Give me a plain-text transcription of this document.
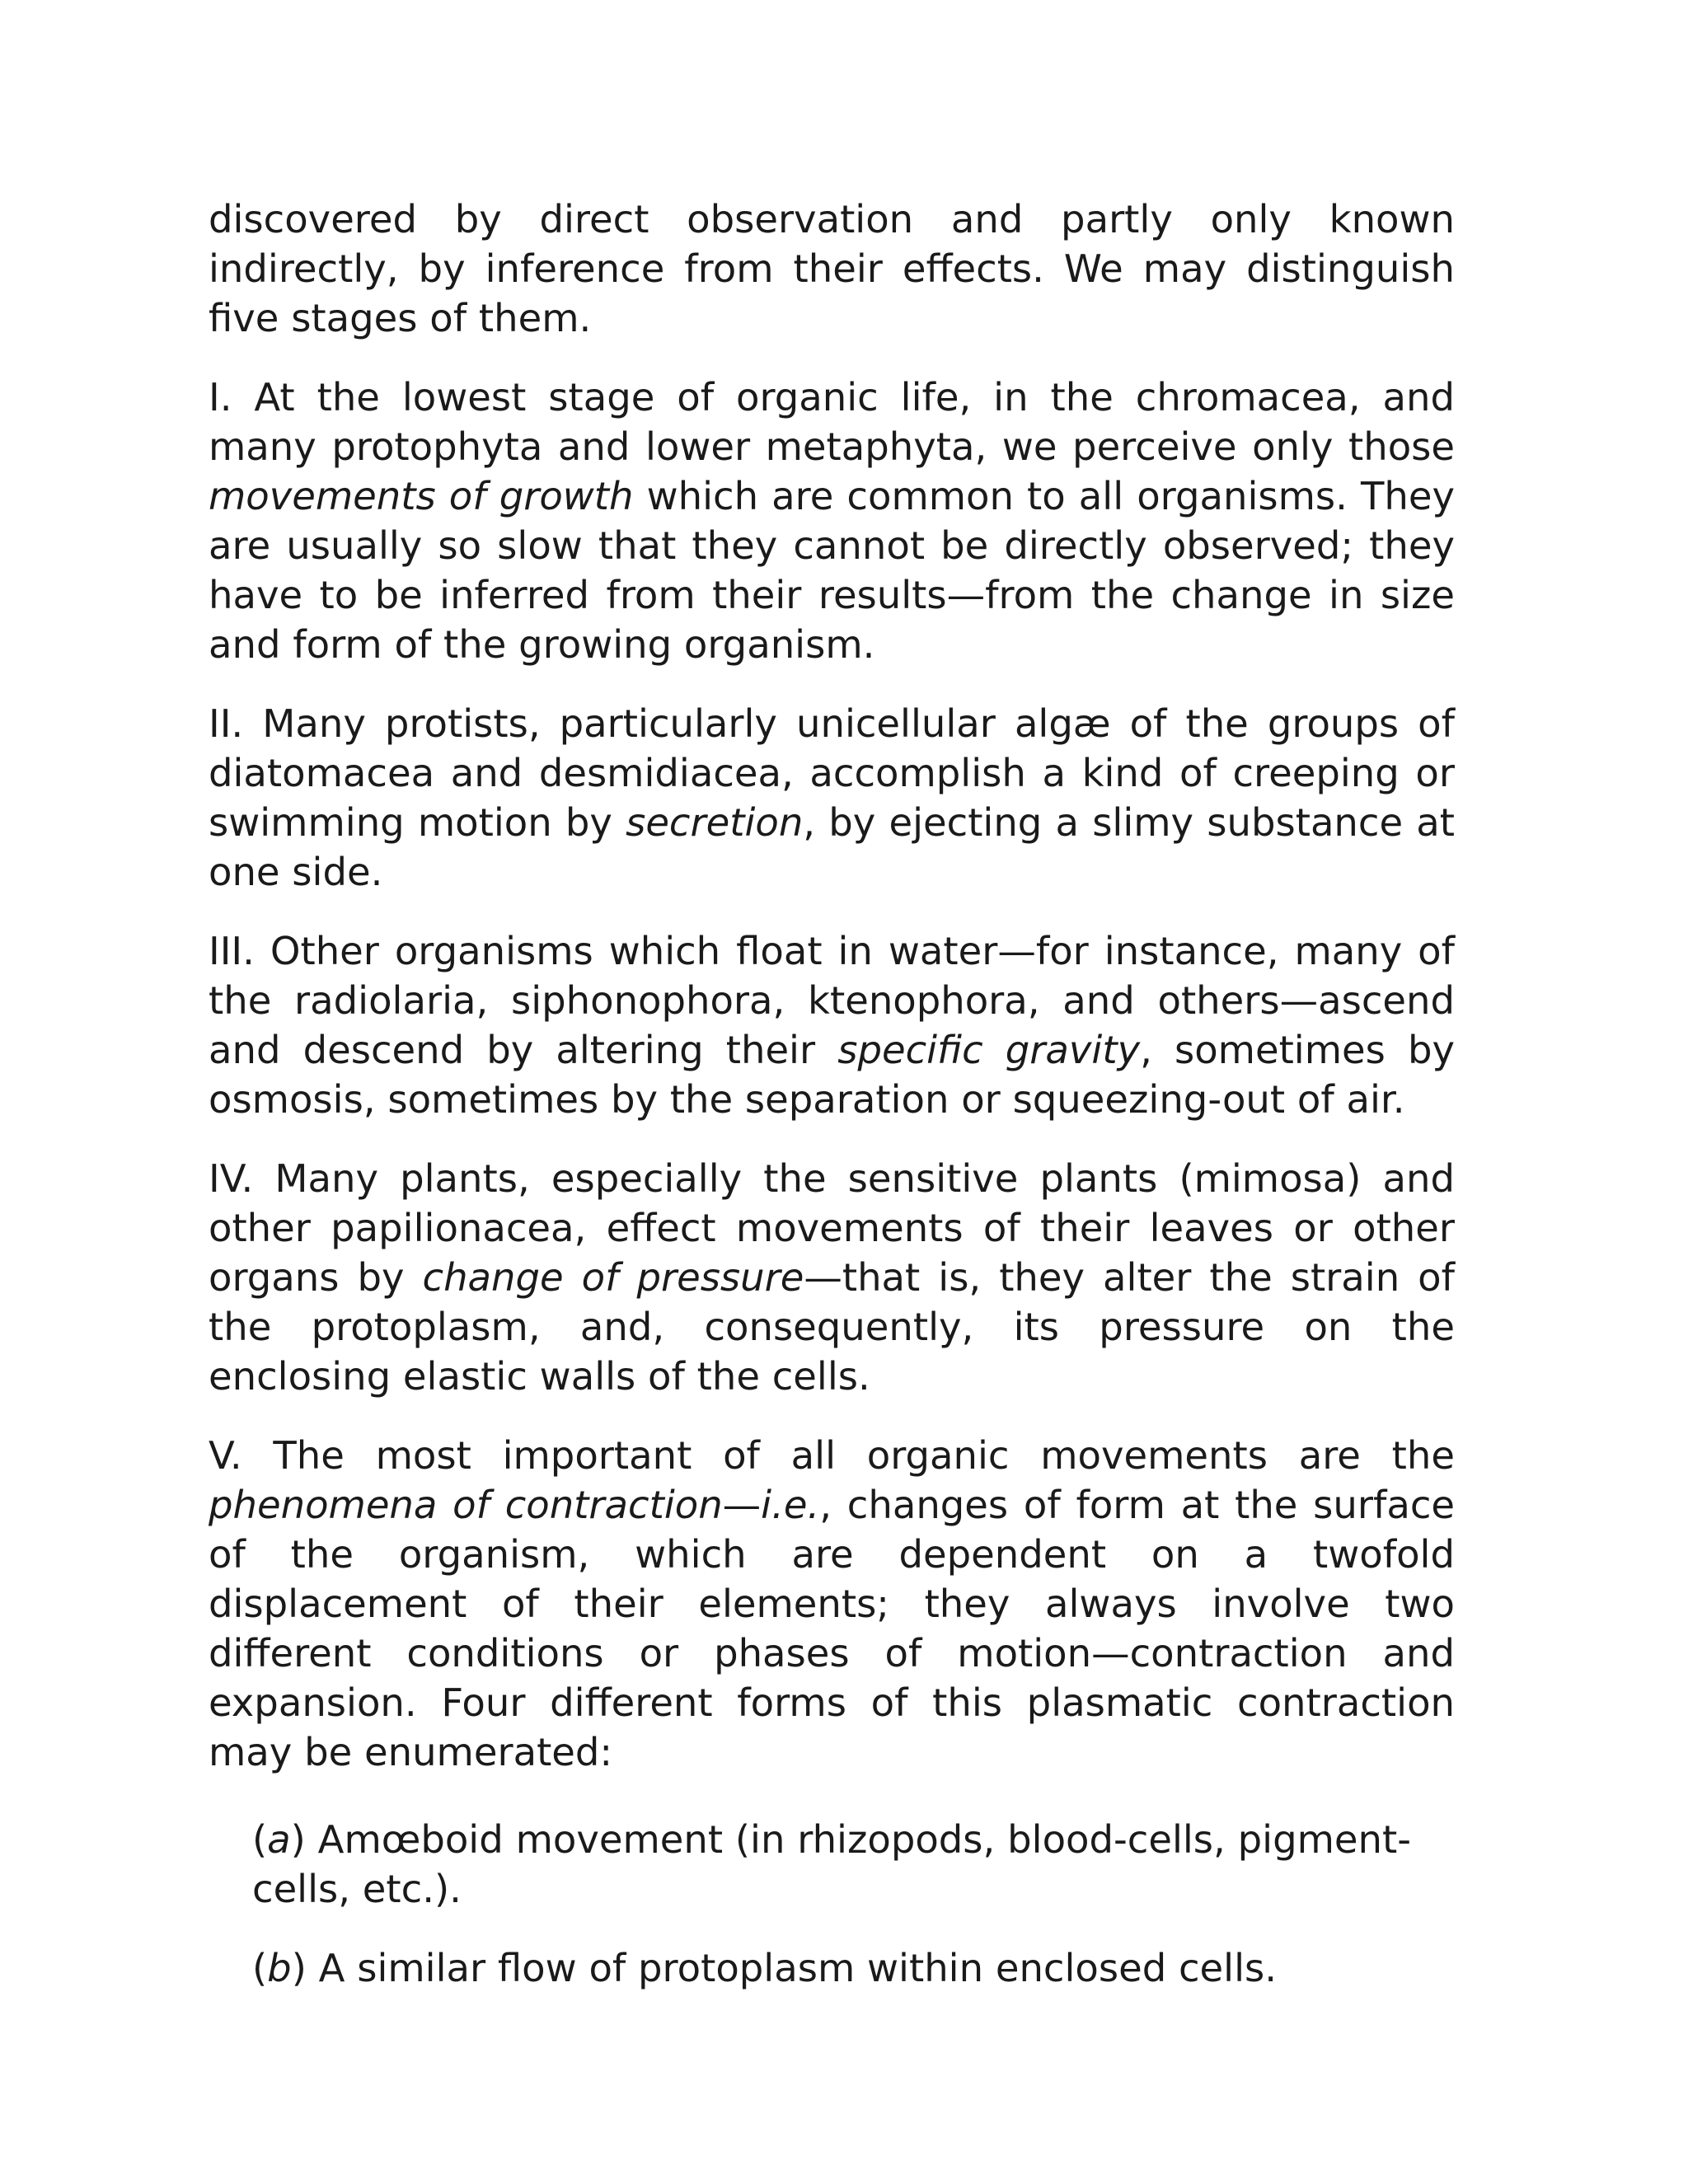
discovered by direct observation and partly only known indirectly, by inference from their effects. We may distinguish five stages of them.

I. At the lowest stage of organic life, in the chromacea, and many protophyta and lower metaphyta, we perceive only those movements of growth which are common to all organisms. They are usually so slow that they cannot be directly observed; they have to be inferred from their results—from the change in size and form of the growing organism.

II. Many protists, particularly unicellular algæ of the groups of diatomacea and desmidiacea, accomplish a kind of creeping or swimming motion by secretion, by ejecting a slimy substance at one side.

III. Other organisms which float in water—for instance, many of the radiolaria, siphonophora, ktenophora, and others—ascend and descend by altering their specific gravity, sometimes by osmosis, sometimes by the separation or squeezing-out of air.

IV. Many plants, especially the sensitive plants (mimosa) and other papilionacea, effect movements of their leaves or other organs by change of pressure—that is, they alter the strain of the protoplasm, and, consequently, its pressure on the enclosing elastic walls of the cells.

V. The most important of all organic movements are the phenomena of contraction—i.e., changes of form at the surface of the organism, which are dependent on a twofold displacement of their elements; they always involve two different conditions or phases of motion—contraction and expansion. Four different forms of this plasmatic contraction may be enumerated:

(a) Amœboid movement (in rhizopods, blood-cells, pigment-cells, etc.).

(b) A similar flow of protoplasm within enclosed cells.
